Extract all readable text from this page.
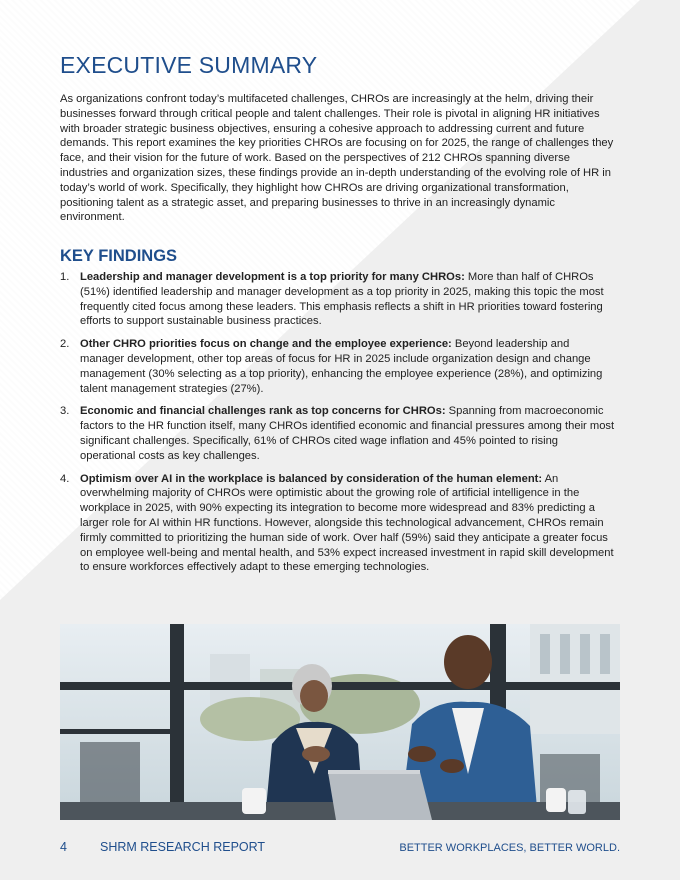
EXECUTIVE SUMMARY

As organizations confront today’s multifaceted challenges, CHROs are increasingly at the helm, driving their businesses forward through critical people and talent challenges. Their role is pivotal in aligning HR initiatives with broader strategic business objectives, ensuring a cohesive approach to addressing current and future demands. This report examines the key priorities CHROs are focusing on for 2025, the range of challenges they face, and their vision for the future of work. Based on the perspectives of 212 CHROs spanning diverse industries and organization sizes, these findings provide an in-depth understanding of the evolving role of HR in today’s world of work. Specifically, they highlight how CHROs are driving organizational transformation, positioning talent as a strategic asset, and preparing businesses to thrive in an increasingly dynamic environment.

KEY FINDINGS
1. Leadership and manager development is a top priority for many CHROs: More than half of CHROs (51%) identified leadership and manager development as a top priority in 2025, making this topic the most frequently cited focus among these leaders. This emphasis reflects a shift in HR priorities toward fostering efforts to support sustainable business practices.
2. Other CHRO priorities focus on change and the employee experience: Beyond leadership and manager development, other top areas of focus for HR in 2025 include organization design and change management (30% selecting as a top priority), enhancing the employee experience (28%), and optimizing talent management strategies (27%).
3. Economic and financial challenges rank as top concerns for CHROs: Spanning from macroeconomic factors to the HR function itself, many CHROs identified economic and financial pressures among their most significant challenges. Specifically, 61% of CHROs cited wage inflation and 45% pointed to rising operational costs as key challenges.
4. Optimism over AI in the workplace is balanced by consideration of the human element: An overwhelming majority of CHROs were optimistic about the growing role of artificial intelligence in the workplace in 2025, with 90% expecting its integration to become more widespread and 83% predicting a larger role for AI within HR functions. However, alongside this technological advancement, CHROs remain firmly committed to prioritizing the human side of work. Over half (59%) said they anticipate a greater focus on employee well-being and mental health, and 53% expect increased investment in rapid skill development to ensure workforces effectively adapt to these emerging technologies.
4	SHRM RESEARCH REPORT	BETTER WORKPLACES, BETTER WORLD.
